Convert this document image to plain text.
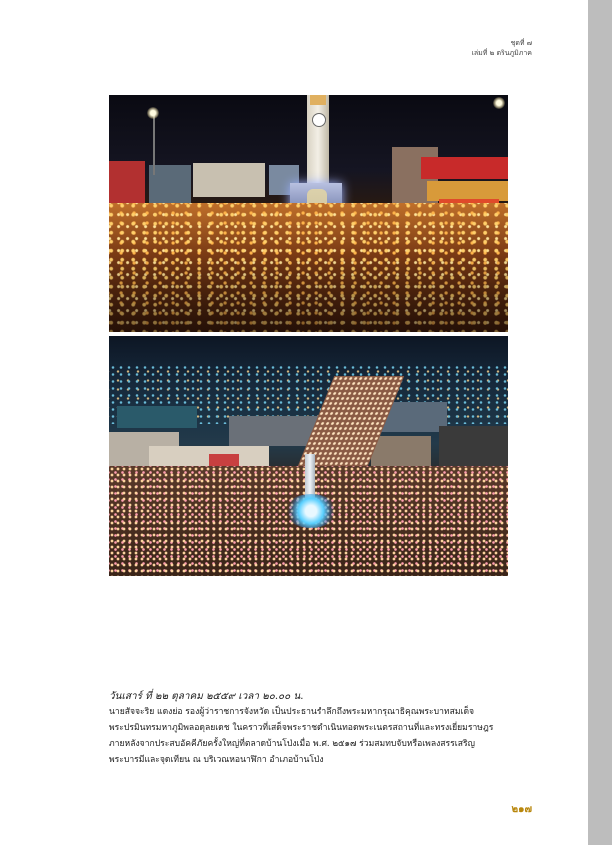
ชุดที่ ๗
เล่มที่ ๒ ตรินภูมิภาค

วันเสาร์ ที่ ๒๒ ตุลาคม ๒๕๕๙ เวลา ๒๐.๐๐ น.

นายสัจจะริย แดงย่อ รองผู้ว่าราชการจังหวัด เป็นประธานรำลึกถึงพระมหากรุณาธิคุณพระบาทสมเด็จ
พระปรมินทรมหาภูมิพลอดุลยเดช ในคราวที่เสด็จพระราชดำเนินทอดพระเนตรสถานที่และทรงเยี่ยมราษฎร
ภายหลังจากประสบอัคคีภัยครั้งใหญ่ที่ตลาดบ้านโป่งเมื่อ พ.ศ. ๒๕๑๗ ร่วมสมทบจับหรือเพลงสรรเสริญ
พระบารมีและจุดเทียน ณ บริเวณหอนาฬิกา อำเภอบ้านโป่ง

๒๑๗
